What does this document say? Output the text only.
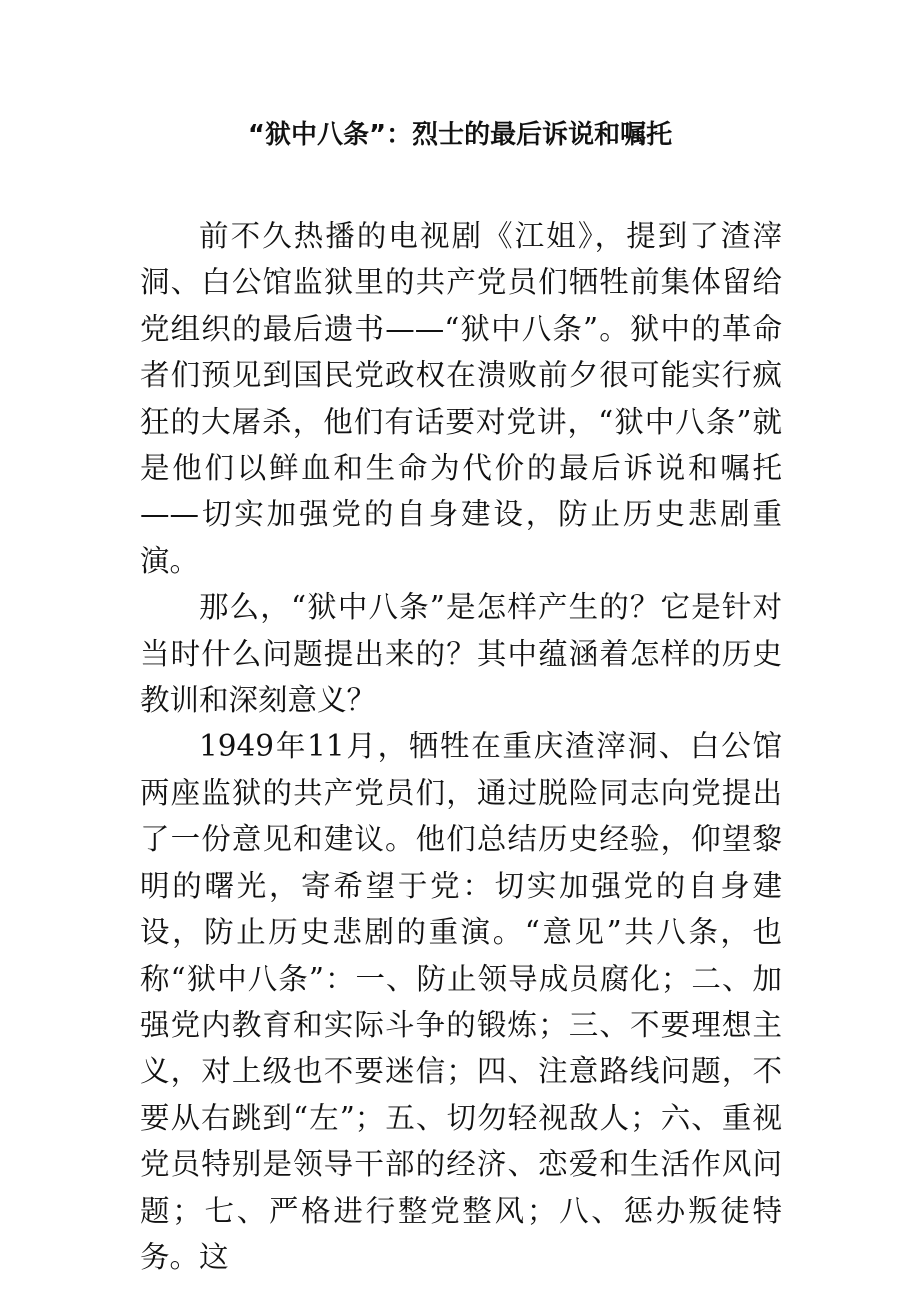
“狱中八条”：烈士的最后诉说和嘱托

前不久热播的电视剧《江姐》，提到了渣滓洞、白公馆监狱里的共产党员们牺牲前集体留给党组织的最后遗书——“狱中八条”。狱中的革命者们预见到国民党政权在溃败前夕很可能实行疯狂的大屠杀，他们有话要对党讲，“狱中八条”就是他们以鲜血和生命为代价的最后诉说和嘱托——切实加强党的自身建设，防止历史悲剧重演。

那么，“狱中八条”是怎样产生的？它是针对当时什么问题提出来的？其中蕴涵着怎样的历史教训和深刻意义？

1949年11月，牺牲在重庆渣滓洞、白公馆两座监狱的共产党员们，通过脱险同志向党提出了一份意见和建议。他们总结历史经验，仰望黎明的曙光，寄希望于党：切实加强党的自身建设，防止历史悲剧的重演。“意见”共八条，也称“狱中八条”：一、防止领导成员腐化；二、加强党内教育和实际斗争的锻炼；三、不要理想主义，对上级也不要迷信；四、注意路线问题，不要从右跳到“左”；五、切勿轻视敌人；六、重视党员特别是领导干部的经济、恋爱和生活作风问题；七、严格进行整党整风；八、惩办叛徒特务。这
